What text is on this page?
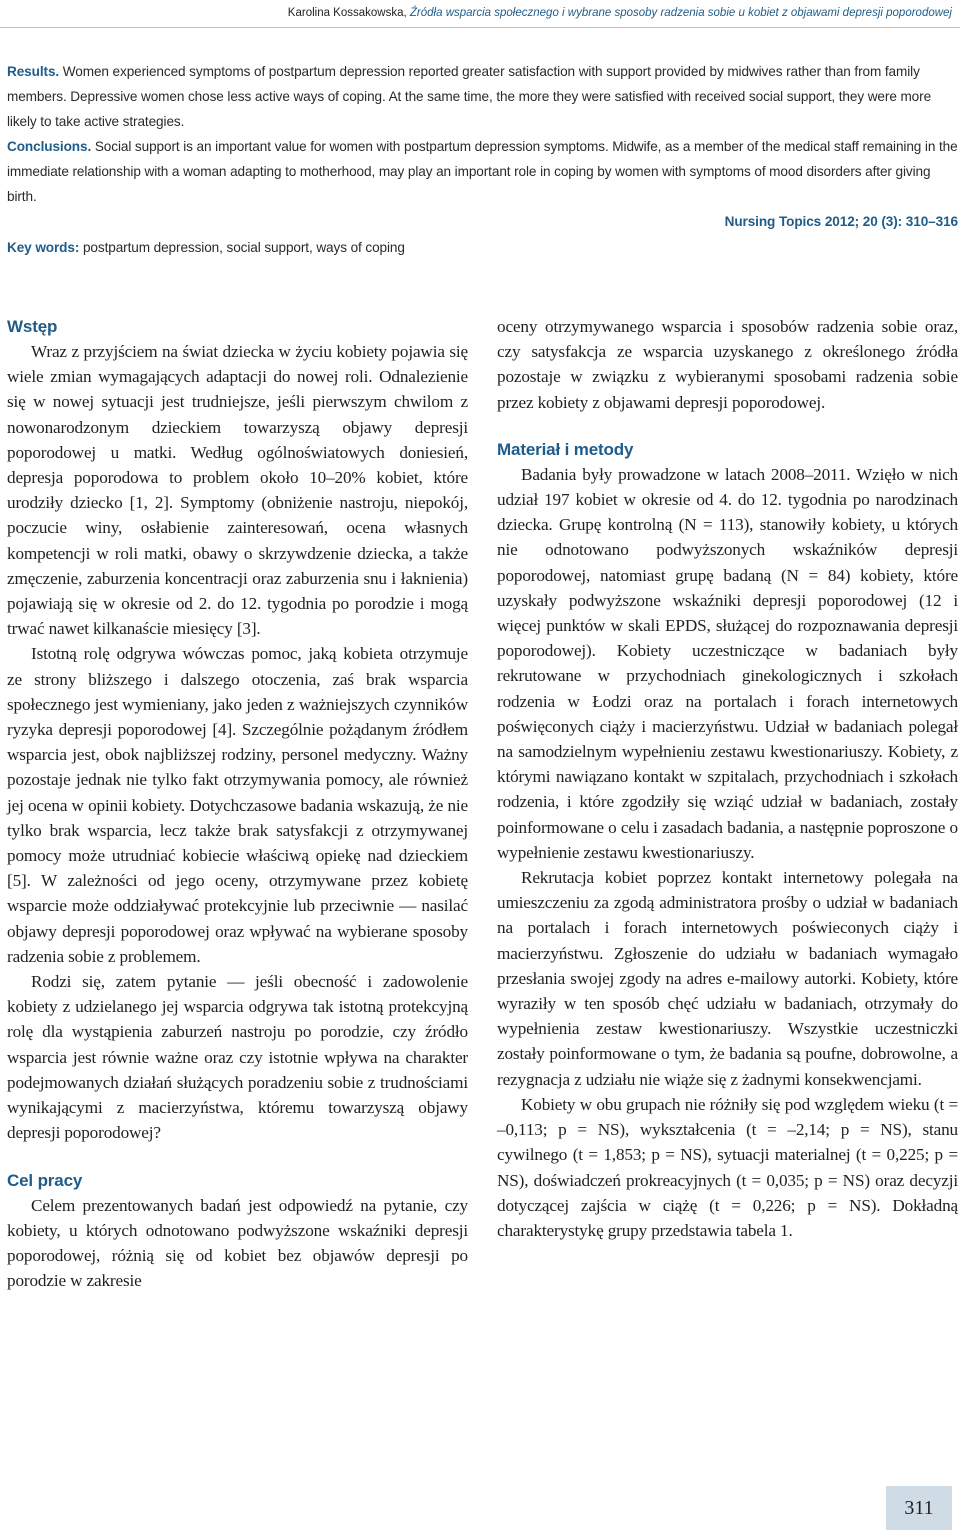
Karolina Kossakowska, Źródła wsparcia społecznego i wybrane sposoby radzenia sobie u kobiet z objawami depresji poporodowej

Results. Women experienced symptoms of postpartum depression reported greater satisfaction with support provided by midwives rather than from family members. Depressive women chose less active ways of coping. At the same time, the more they were satisfied with received social support, they were more likely to take active strategies.

Conclusions. Social support is an important value for women with postpartum depression symptoms. Midwife, as a member of the medical staff remaining in the immediate relationship with a woman adapting to motherhood, may play an important role in coping by women with symptoms of mood disorders after giving birth.

Nursing Topics 2012; 20 (3): 310–316

Key words: postpartum depression, social support, ways of coping

Wstęp

Wraz z przyjściem na świat dziecka w życiu kobiety pojawia się wiele zmian wymagających adaptacji do nowej roli. Odnalezienie się w nowej sytuacji jest trudniejsze, jeśli pierwszym chwilom z nowonarodzonym dzieckiem towarzyszą objawy depresji poporodowej u matki. Według ogólnoświatowych doniesień, depresja poporodowa to problem około 10–20% kobiet, które urodziły dziecko [1, 2]. Symptomy (obniżenie nastroju, niepokój, poczucie winy, osłabienie zainteresowań, ocena własnych kompetencji w roli matki, obawy o skrzywdzenie dziecka, a także zmęczenie, zaburzenia koncentracji oraz zaburzenia snu i łaknienia) pojawiają się w okresie od 2. do 12. tygodnia po porodzie i mogą trwać nawet kilkanaście miesięcy [3].

Istotną rolę odgrywa wówczas pomoc, jaką kobieta otrzymuje ze strony bliższego i dalszego otoczenia, zaś brak wsparcia społecznego jest wymieniany, jako jeden z ważniejszych czynników ryzyka depresji poporodowej [4]. Szczególnie pożądanym źródłem wsparcia jest, obok najbliższej rodziny, personel medyczny. Ważny pozostaje jednak nie tylko fakt otrzymywania pomocy, ale również jej ocena w opinii kobiety. Dotychczasowe badania wskazują, że nie tylko brak wsparcia, lecz także brak satysfakcji z otrzymywanej pomocy może utrudniać kobiecie właściwą opiekę nad dzieckiem [5]. W zależności od jego oceny, otrzymywane przez kobietę wsparcie może oddziaływać protekcyjnie lub przeciwnie — nasilać objawy depresji poporodowej oraz wpływać na wybierane sposoby radzenia sobie z problemem.

Rodzi się, zatem pytanie — jeśli obecność i zadowolenie kobiety z udzielanego jej wsparcia odgrywa tak istotną protekcyjną rolę dla wystąpienia zaburzeń nastroju po porodzie, czy źródło wsparcia jest równie ważne oraz czy istotnie wpływa na charakter podejmowanych działań służących poradzeniu sobie z trudnościami wynikającymi z macierzyństwa, któremu towarzyszą objawy depresji poporodowej?

Cel pracy

Celem prezentowanych badań jest odpowiedź na pytanie, czy kobiety, u których odnotowano podwyższone wskaźniki depresji poporodowej, różnią się od kobiet bez objawów depresji po porodzie w zakresie

oceny otrzymywanego wsparcia i sposobów radzenia sobie oraz, czy satysfakcja ze wsparcia uzyskanego z określonego źródła pozostaje w związku z wybieranymi sposobami radzenia sobie przez kobiety z objawami depresji poporodowej.

Materiał i metody

Badania były prowadzone w latach 2008–2011. Wzięło w nich udział 197 kobiet w okresie od 4. do 12. tygodnia po narodzinach dziecka. Grupę kontrolną (N = 113), stanowiły kobiety, u których nie odnotowano podwyższonych wskaźników depresji poporodowej, natomiast grupę badaną (N = 84) kobiety, które uzyskały podwyższone wskaźniki depresji poporodowej (12 i więcej punktów w skali EPDS, służącej do rozpoznawania depresji poporodowej). Kobiety uczestniczące w badaniach były rekrutowane w przychodniach ginekologicznych i szkołach rodzenia w Łodzi oraz na portalach i forach internetowych poświęconych ciąży i macierzyństwu. Udział w badaniach polegał na samodzielnym wypełnieniu zestawu kwestionariuszy. Kobiety, z którymi nawiązano kontakt w szpitalach, przychodniach i szkołach rodzenia, i które zgodziły się wziąć udział w badaniach, zostały poinformowane o celu i zasadach badania, a następnie poproszone o wypełnienie zestawu kwestionariuszy.

Rekrutacja kobiet poprzez kontakt internetowy polegała na umieszczeniu za zgodą administratora prośby o udział w badaniach na portalach i forach internetowych poświeconych ciąży i macierzyństwu. Zgłoszenie do udziału w badaniach wymagało przesłania swojej zgody na adres e-mailowy autorki. Kobiety, które wyraziły w ten sposób chęć udziału w badaniach, otrzymały do wypełnienia zestaw kwestionariuszy. Wszystkie uczestniczki zostały poinformowane o tym, że badania są poufne, dobrowolne, a rezygnacja z udziału nie wiąże się z żadnymi konsekwencjami.

Kobiety w obu grupach nie różniły się pod względem wieku (t = –0,113; p = NS), wykształcenia (t = –2,14; p = NS), stanu cywilnego (t = 1,853; p = NS), sytuacji materialnej (t = 0,225; p = NS), doświadczeń prokreacyjnych (t = 0,035; p = NS) oraz decyzji dotyczącej zajścia w ciążę (t = 0,226; p = NS). Dokładną charakterystykę grupy przedstawia tabela 1.

311
